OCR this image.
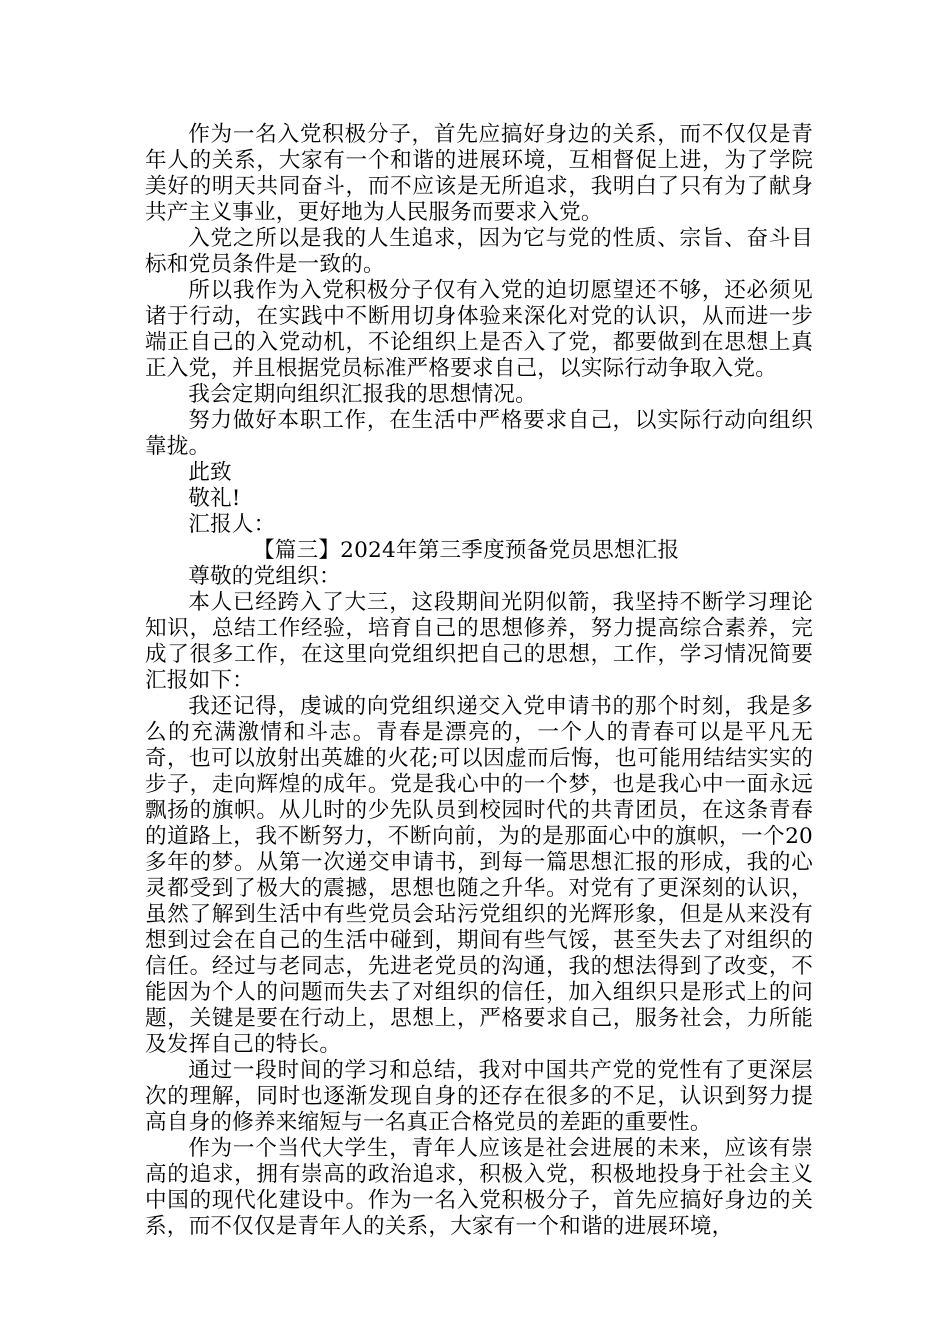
作为一名入党积极分子，首先应搞好身边的关系，而不仅仅是青年人的关系，大家有一个和谐的进展环境，互相督促上进，为了学院美好的明天共同奋斗，而不应该是无所追求，我明白了只有为了献身共产主义事业，更好地为人民服务而要求入党。

入党之所以是我的人生追求，因为它与党的性质、宗旨、奋斗目标和党员条件是一致的。

所以我作为入党积极分子仅有入党的迫切愿望还不够，还必须见诸于行动，在实践中不断用切身体验来深化对党的认识，从而进一步端正自己的入党动机，不论组织上是否入了党，都要做到在思想上真正入党，并且根据党员标准严格要求自己，以实际行动争取入党。

我会定期向组织汇报我的思想情况。

努力做好本职工作，在生活中严格要求自己，以实际行动向组织靠拢。

此致

敬礼!

汇报人：

【篇三】2024年第三季度预备党员思想汇报

尊敬的党组织：

本人已经跨入了大三，这段期间光阴似箭，我坚持不断学习理论知识，总结工作经验，培育自己的思想修养，努力提高综合素养，完成了很多工作，在这里向党组织把自己的思想，工作，学习情况简要汇报如下：

我还记得，虔诚的向党组织递交入党申请书的那个时刻，我是多么的充满激情和斗志。青春是漂亮的，一个人的青春可以是平凡无奇，也可以放射出英雄的火花;可以因虚而后悔，也可能用结结实实的步子，走向辉煌的成年。党是我心中的一个梦，也是我心中一面永远飘扬的旗帜。从儿时的少先队员到校园时代的共青团员，在这条青春的道路上，我不断努力，不断向前，为的是那面心中的旗帜，一个20多年的梦。从第一次递交申请书，到每一篇思想汇报的形成，我的心灵都受到了极大的震撼，思想也随之升华。对党有了更深刻的认识，虽然了解到生活中有些党员会玷污党组织的光辉形象，但是从来没有想到过会在自己的生活中碰到，期间有些气馁，甚至失去了对组织的信任。经过与老同志，先进老党员的沟通，我的想法得到了改变，不能因为个人的问题而失去了对组织的信任，加入组织只是形式上的问题，关键是要在行动上，思想上，严格要求自己，服务社会，力所能及发挥自己的特长。

通过一段时间的学习和总结，我对中国共产党的党性有了更深层次的理解，同时也逐渐发现自身的还存在很多的不足，认识到努力提高自身的修养来缩短与一名真正合格党员的差距的重要性。

作为一个当代大学生，青年人应该是社会进展的未来，应该有崇高的追求，拥有崇高的政治追求，积极入党，积极地投身于社会主义中国的现代化建设中。作为一名入党积极分子，首先应搞好身边的关系，而不仅仅是青年人的关系，大家有一个和谐的进展环境，
